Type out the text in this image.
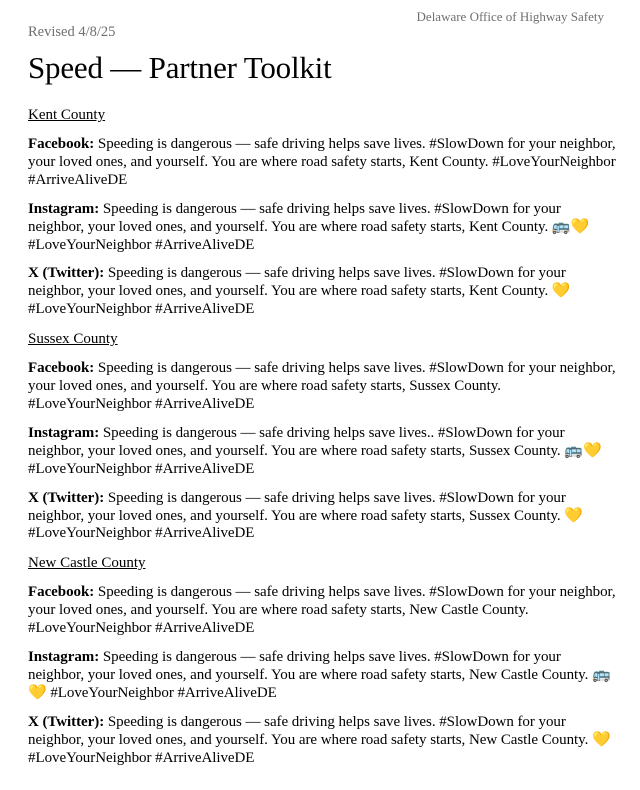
Delaware Office of Highway Safety
Revised 4/8/25
Speed — Partner Toolkit
Kent County

Facebook: Speeding is dangerous — safe driving helps save lives. #SlowDown for your neighbor, your loved ones, and yourself. You are where road safety starts, Kent County. #LoveYourNeighbor #ArriveAliveDE

Instagram: Speeding is dangerous — safe driving helps save lives. #SlowDown for your neighbor, your loved ones, and yourself. You are where road safety starts, Kent County. 🚌💛 #LoveYourNeighbor #ArriveAliveDE

X (Twitter): Speeding is dangerous — safe driving helps save lives. #SlowDown for your neighbor, your loved ones, and yourself. You are where road safety starts, Kent County. 💛 #LoveYourNeighbor #ArriveAliveDE

Sussex County

Facebook: Speeding is dangerous — safe driving helps save lives. #SlowDown for your neighbor, your loved ones, and yourself. You are where road safety starts, Sussex County. #LoveYourNeighbor #ArriveAliveDE

Instagram: Speeding is dangerous — safe driving helps save lives.. #SlowDown for your neighbor, your loved ones, and yourself. You are where road safety starts, Sussex County. 🚌💛 #LoveYourNeighbor #ArriveAliveDE

X (Twitter): Speeding is dangerous — safe driving helps save lives. #SlowDown for your neighbor, your loved ones, and yourself. You are where road safety starts, Sussex County. 💛 #LoveYourNeighbor #ArriveAliveDE

New Castle County

Facebook: Speeding is dangerous — safe driving helps save lives. #SlowDown for your neighbor, your loved ones, and yourself. You are where road safety starts, New Castle County. #LoveYourNeighbor #ArriveAliveDE

Instagram: Speeding is dangerous — safe driving helps save lives. #SlowDown for your neighbor, your loved ones, and yourself. You are where road safety starts, New Castle County. 🚌💛 #LoveYourNeighbor #ArriveAliveDE

X (Twitter): Speeding is dangerous — safe driving helps save lives. #SlowDown for your neighbor, your loved ones, and yourself. You are where road safety starts, New Castle County. 💛 #LoveYourNeighbor #ArriveAliveDE
